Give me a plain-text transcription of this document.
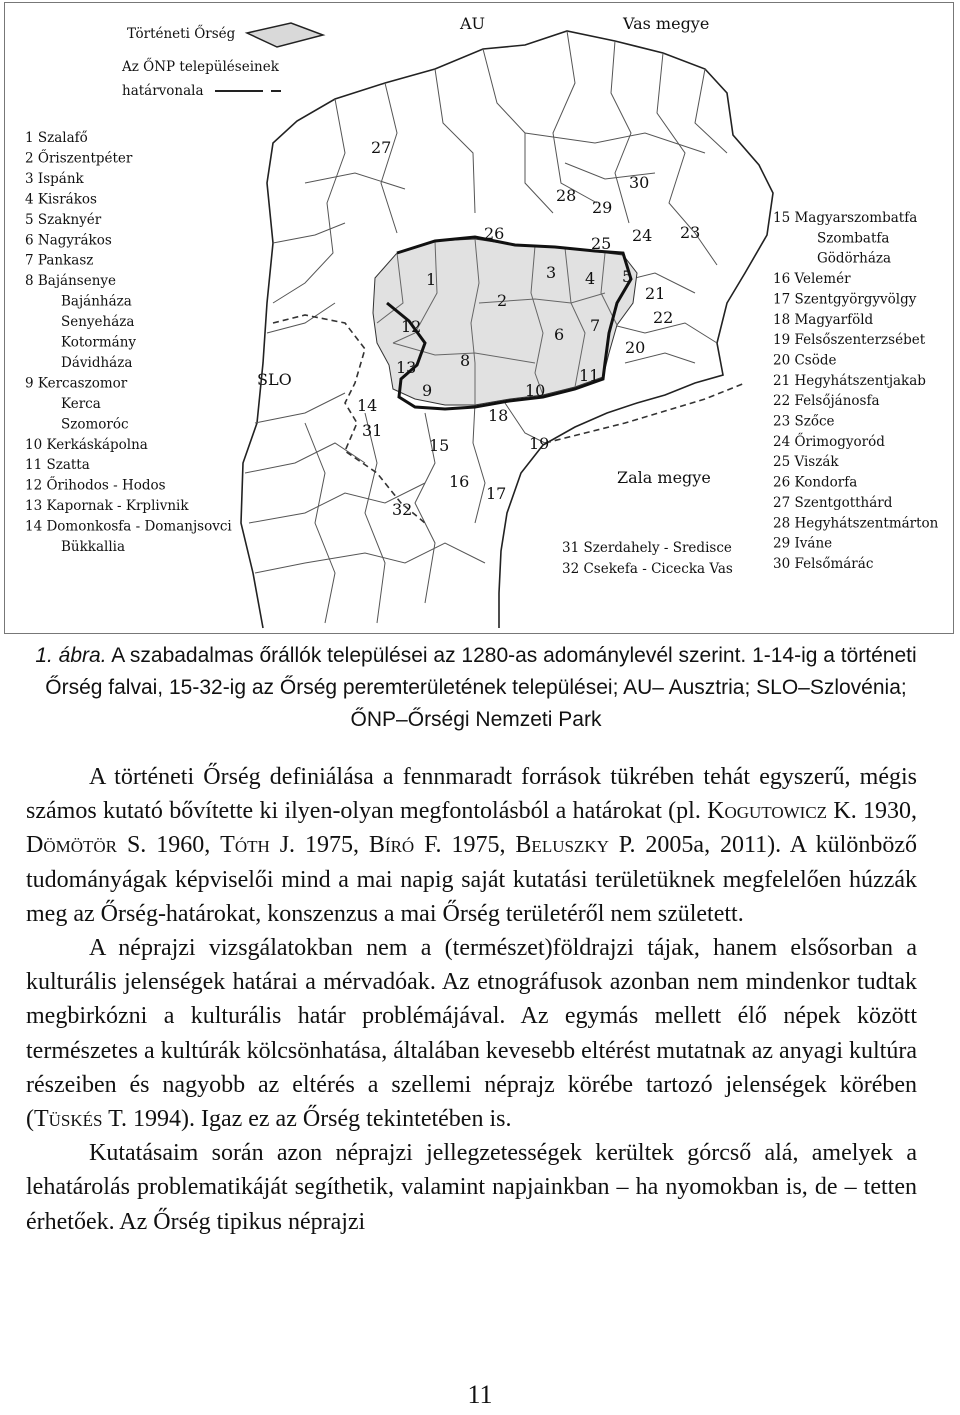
Történeti Őrség
Az ŐNP településeinek
határvonala
AU	Vas megye
SLO
Zala megye
1
2
3 4 5
6 7
8
9	10
11
12
13
14
15
16
17
18
19
20
21
22
23
24
25
26
27
28
29
30
31
32
1 Szalafő
2 Őriszentpéter
3 Ispánk
4 Kisrákos
5 Szaknyér
6 Nagyrákos
7 Pankasz
8 Bajánsenye
Bajánháza
Senyeháza
Kotormány
Dávidháza
9 Kercaszomor
Kerca
Szomoróc
10 Kerkáskápolna
11 Szatta
12 Őrihodos - Hodos
13 Kapornak - Krplivnik
14 Domonkosfa - Domanjsovci
Bükkallia
15 Magyarszombatfa
Szombatfa
Gödörháza
16 Velemér
17 Szentgyörgyvölgy
18 Magyarföld
19 Felsőszenterzsébet
20 Csöde
21 Hegyhátszentjakab
22 Felsőjánosfa
23 Szőce
24 Őrimogyoród
25 Viszák
26 Kondorfa
27 Szentgotthárd
28 Hegyhátszentmárton
29 Iváne
30 Felsőmárác
31 Szerdahely - Sredisce
32 Csekefa - Cicecka Vas
1. ábra. A szabadalmas őrállók települései az 1280-as adománylevél szerint. 1-14-ig a történeti Őrség falvai, 15-32-ig az Őrség peremterületének települései; AU– Ausztria; SLO–Szlovénia; ŐNP–Őrségi Nemzeti Park

A történeti Őrség definiálása a fennmaradt források tükrében tehát egyszerű, mégis számos kutató bővítette ki ilyen-olyan megfontolásból a határokat (pl. Kogutowicz K. 1930, Dömötör S. 1960, Tóth J. 1975, Bíró F. 1975, Beluszky P. 2005a, 2011). A különböző tudományágak képviselői mind a mai napig saját kutatási területüknek megfelelően húzzák meg az Őrség-határokat, konszenzus a mai Őrség területéről nem született.

A néprajzi vizsgálatokban nem a (természet)földrajzi tájak, hanem elsősorban a kulturális jelenségek határai a mérvadóak. Az etnográfusok azonban nem mindenkor tudtak megbirkózni a kulturális határ problémájával. Az egymás mellett élő népek között természetes a kultúrák kölcsönhatása, általában kevesebb eltérést mutatnak az anyagi kultúra részeiben és nagyobb az eltérés a szellemi néprajz körébe tartozó jelenségek körében (Tüskés T. 1994). Igaz ez az Őrség tekintetében is.

Kutatásaim során azon néprajzi jellegzetességek kerültek górcső alá, amelyek a lehatárolás problematikáját segíthetik, valamint napjainkban – ha nyomokban is, de – tetten érhetőek. Az Őrség tipikus néprajzi

11
